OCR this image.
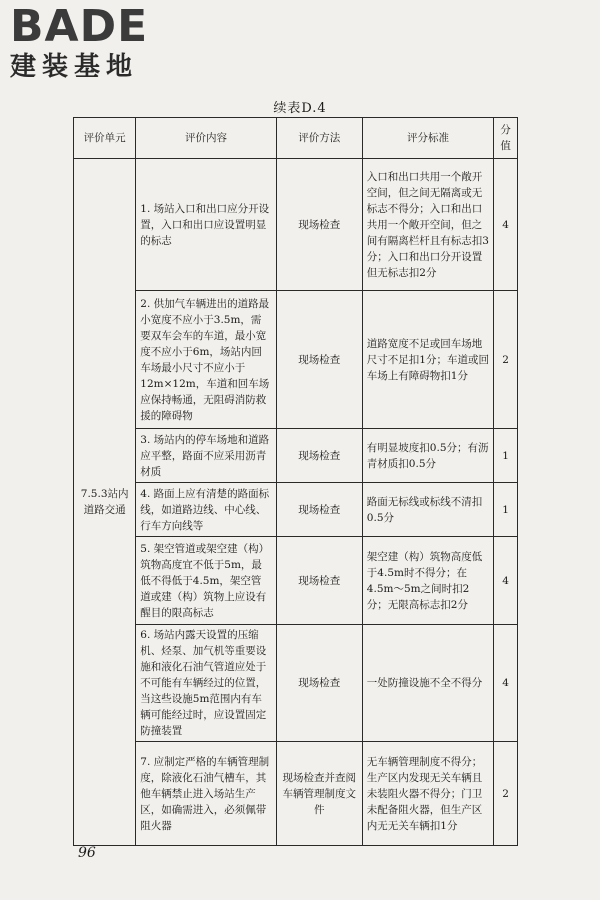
BADE
建装基地
续表D.4
评价单元	评价内容	评价方法	评分标准	分值
7.5.3站内道路交通	1. 场站入口和出口应分开设置，入口和出口应设置明显的标志	现场检查	入口和出口共用一个敞开空间，但之间无隔离或无标志不得分；入口和出口共用一个敞开空间，但之间有隔离栏杆且有标志扣3分；入口和出口分开设置但无标志扣2分	4
	2. 供加气车辆进出的道路最小宽度不应小于3.5m，需要双车会车的车道，最小宽度不应小于6m，场站内回车场最小尺寸不应小于12m×12m，车道和回车场应保持畅通，无阻碍消防救援的障碍物	现场检查	道路宽度不足或回车场地尺寸不足扣1分；车道或回车场上有障碍物扣1分	2
	3. 场站内的停车场地和道路应平整，路面不应采用沥青材质	现场检查	有明显坡度扣0.5分；有沥青材质扣0.5分	1
	4. 路面上应有清楚的路面标线，如道路边线、中心线、行车方向线等	现场检查	路面无标线或标线不清扣0.5分	1
	5. 架空管道或架空建（构）筑物高度宜不低于5m，最低不得低于4.5m，架空管道或建（构）筑物上应设有醒目的限高标志	现场检查	架空建（构）筑物高度低于4.5m时不得分；在4.5m～5m之间时扣2分；无限高标志扣2分	4
	6. 场站内露天设置的压缩机、烃泵、加气机等重要设施和液化石油气管道应处于不可能有车辆经过的位置，当这些设施5m范围内有车辆可能经过时，应设置固定防撞装置	现场检查	一处防撞设施不全不得分	4
	7. 应制定严格的车辆管理制度，除液化石油气槽车，其他车辆禁止进入场站生产区，如确需进入，必须佩带阻火器	现场检查并查阅车辆管理制度文件	无车辆管理制度不得分；生产区内发现无关车辆且未装阻火器不得分；门卫未配备阻火器，但生产区内无无关车辆扣1分	2
96
